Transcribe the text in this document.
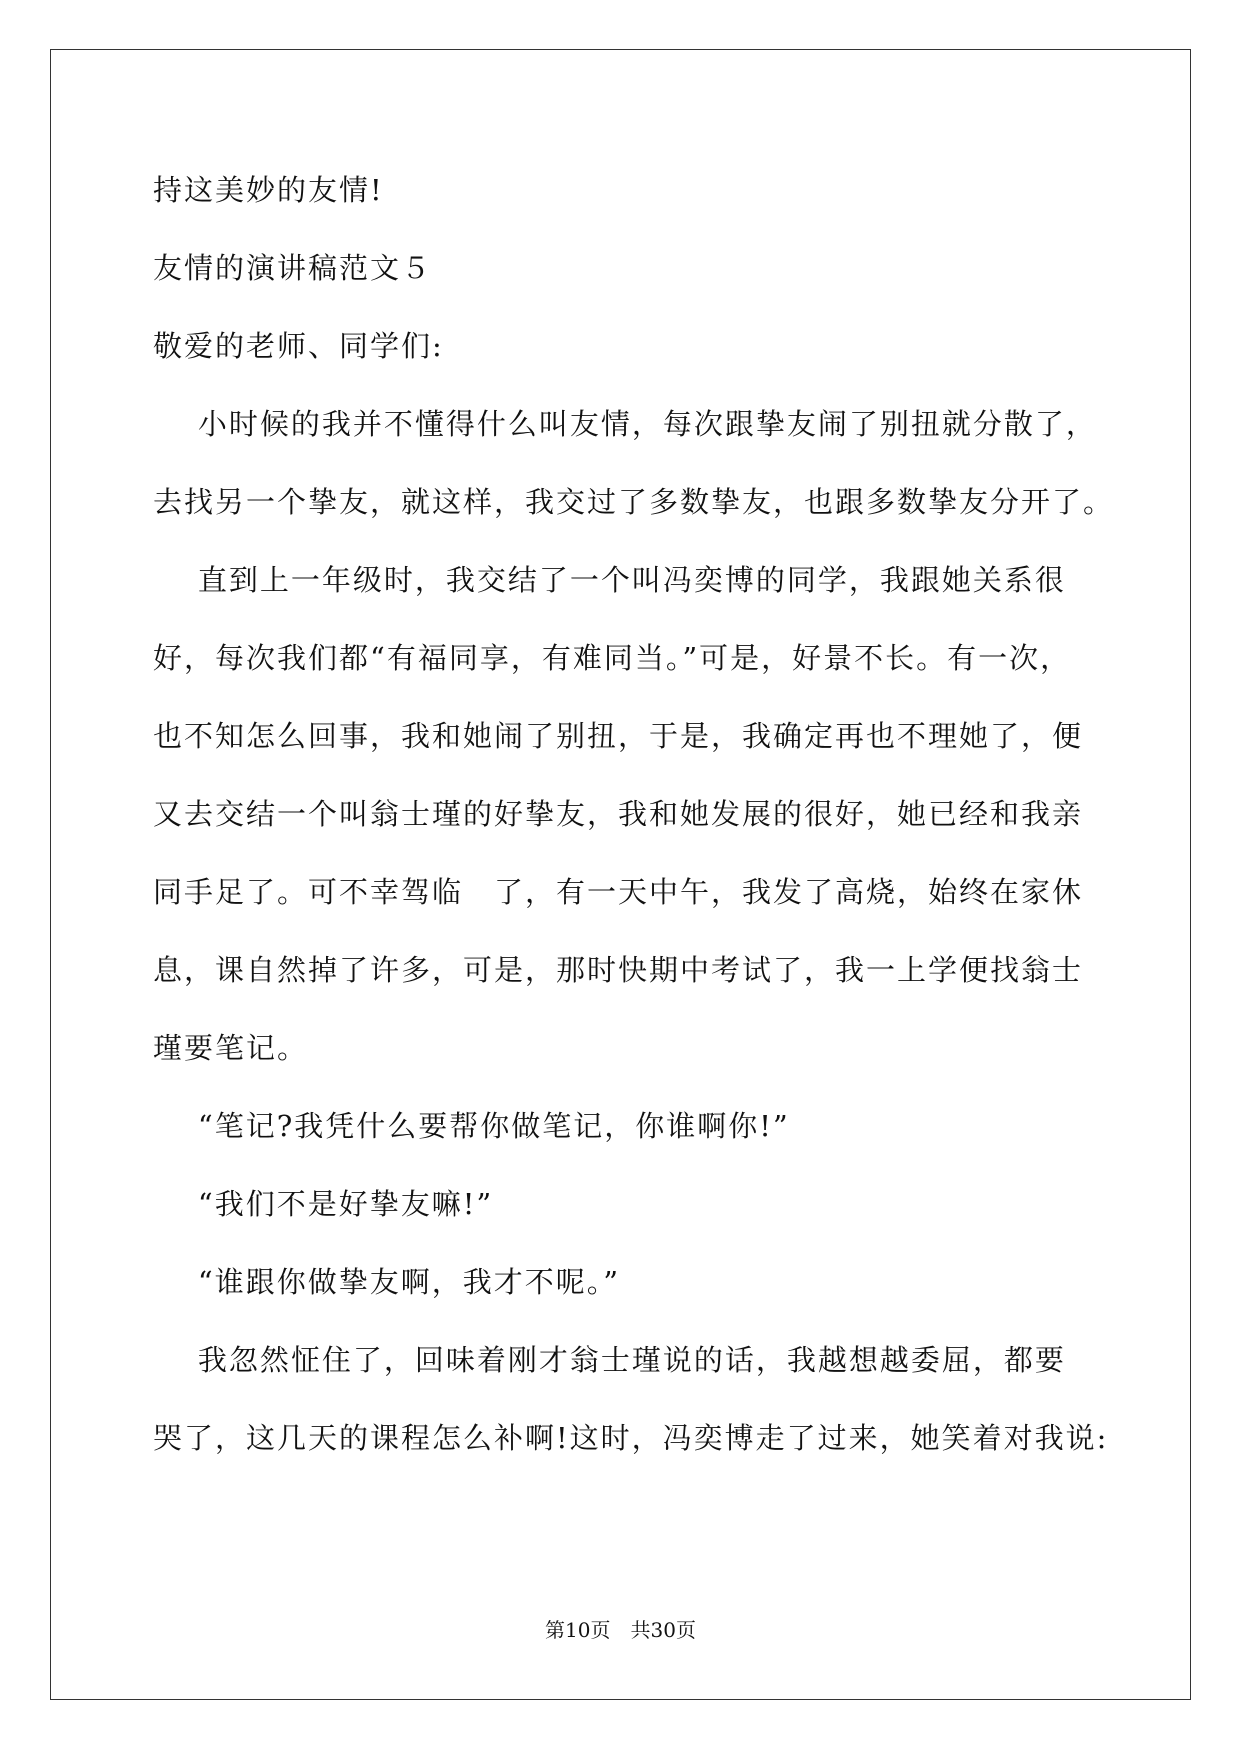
持这美妙的友情!
友情的演讲稿范文５
敬爱的老师、同学们:
小时候的我并不懂得什么叫友情，每次跟挚友闹了别扭就分散了，
去找另一个挚友，就这样，我交过了多数挚友，也跟多数挚友分开了。
直到上一年级时，我交结了一个叫冯奕博的同学，我跟她关系很
好，每次我们都“有福同享，有难同当。”可是，好景不长。有一次，
也不知怎么回事，我和她闹了别扭，于是，我确定再也不理她了，便
又去交结一个叫翁士瑾的好挚友，我和她发展的很好，她已经和我亲
同手足了。可不幸驾临　了，有一天中午，我发了高烧，始终在家休
息，课自然掉了许多，可是，那时快期中考试了，我一上学便找翁士
瑾要笔记。
“笔记?我凭什么要帮你做笔记，你谁啊你!”
“我们不是好挚友嘛!”
“谁跟你做挚友啊，我才不呢。”
我忽然怔住了，回味着刚才翁士瑾说的话，我越想越委屈，都要
哭了，这几天的课程怎么补啊!这时，冯奕博走了过来，她笑着对我说:
第10页　共30页
